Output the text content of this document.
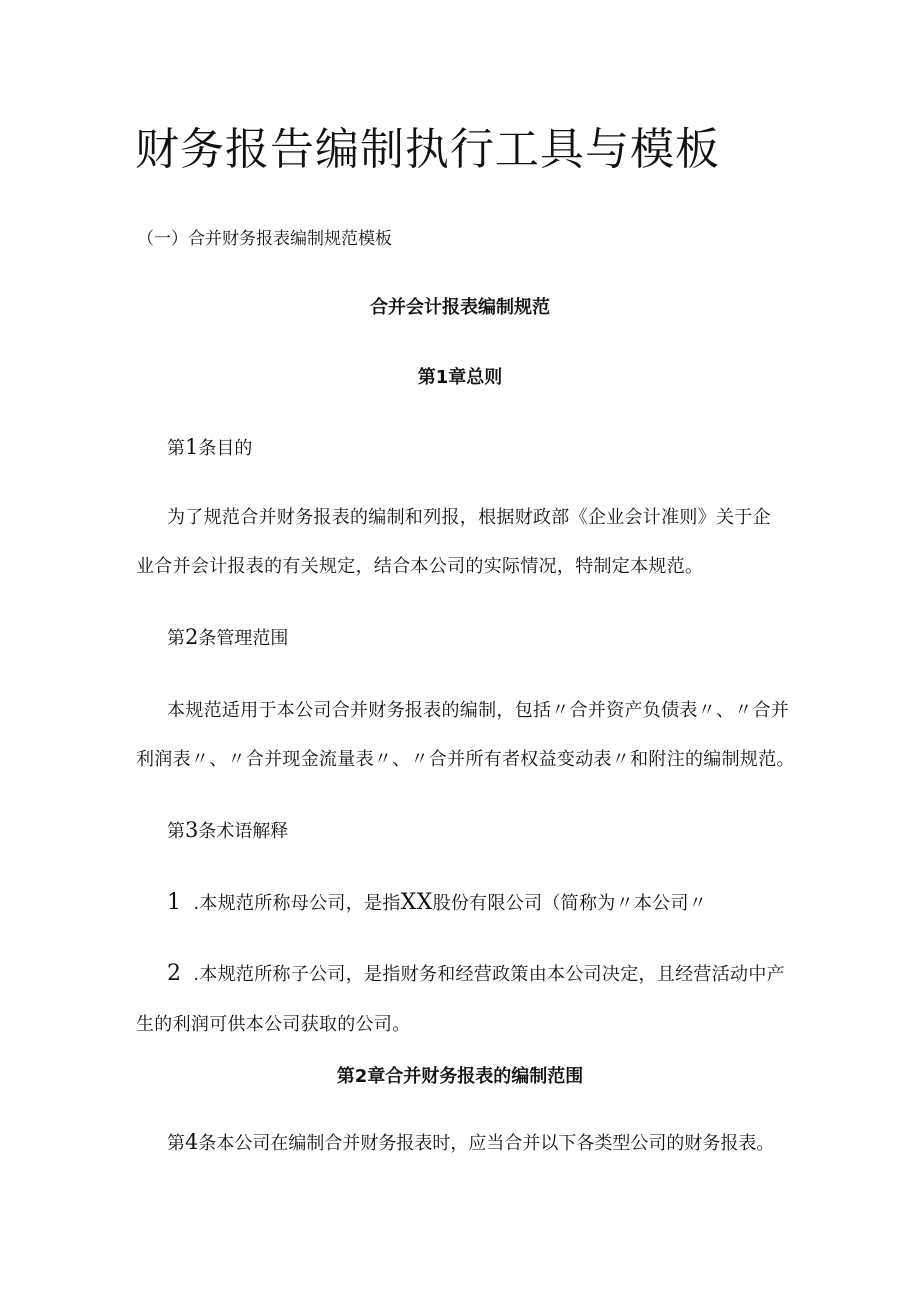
财务报告编制执行工具与模板
（一）合并财务报表编制规范模板
合并会计报表编制规范
第1章总则
第1条目的
为了规范合并财务报表的编制和列报，根据财政部《企业会计准则》关于企
业合并会计报表的有关规定，结合本公司的实际情况，特制定本规范。
第2条管理范围
本规范适用于本公司合并财务报表的编制，包括〃合并资产负债表〃、〃合并
利润表〃、〃合并现金流量表〃、〃合并所有者权益变动表〃和附注的编制规范。
第3条术语解释
1 .本规范所称母公司，是指XX股份有限公司（简称为〃本公司〃
2 .本规范所称子公司，是指财务和经营政策由本公司决定，且经营活动中产
生的利润可供本公司获取的公司。
第2章合并财务报表的编制范围
第4条本公司在编制合并财务报表时，应当合并以下各类型公司的财务报表。
